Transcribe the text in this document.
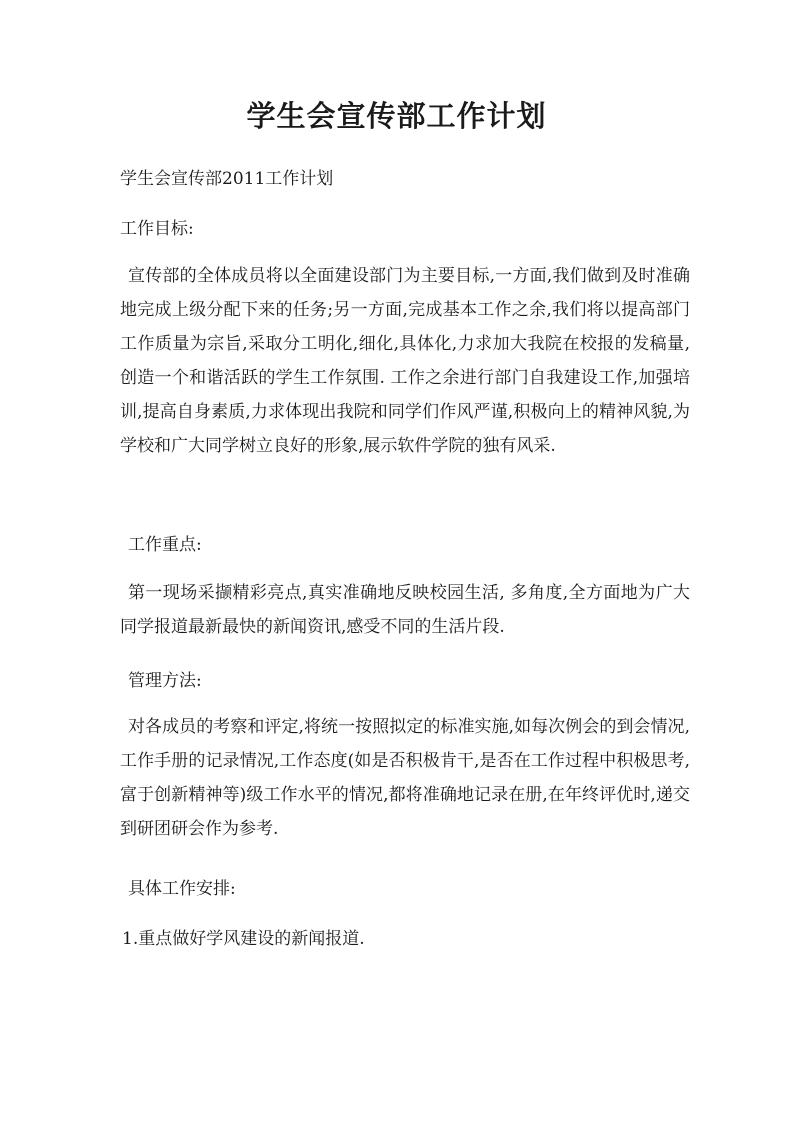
学生会宣传部工作计划

学生会宣传部2011工作计划

工作目标:

宣传部的全体成员将以全面建设部门为主要目标,一方面,我们做到及时准确地完成上级分配下来的任务;另一方面,完成基本工作之余,我们将以提高部门工作质量为宗旨,采取分工明化,细化,具体化,力求加大我院在校报的发稿量,创造一个和谐活跃的学生工作氛围. 工作之余进行部门自我建设工作,加强培训,提高自身素质,力求体现出我院和同学们作风严谨,积极向上的精神风貌,为学校和广大同学树立良好的形象,展示软件学院的独有风采.

工作重点:

第一现场采撷精彩亮点,真实准确地反映校园生活, 多角度,全方面地为广大同学报道最新最快的新闻资讯,感受不同的生活片段.

管理方法:

对各成员的考察和评定,将统一按照拟定的标准实施,如每次例会的到会情况,工作手册的记录情况,工作态度(如是否积极肯干,是否在工作过程中积极思考,富于创新精神等)级工作水平的情况,都将准确地记录在册,在年终评优时,递交到研团研会作为参考.

具体工作安排:

1.重点做好学风建设的新闻报道.
